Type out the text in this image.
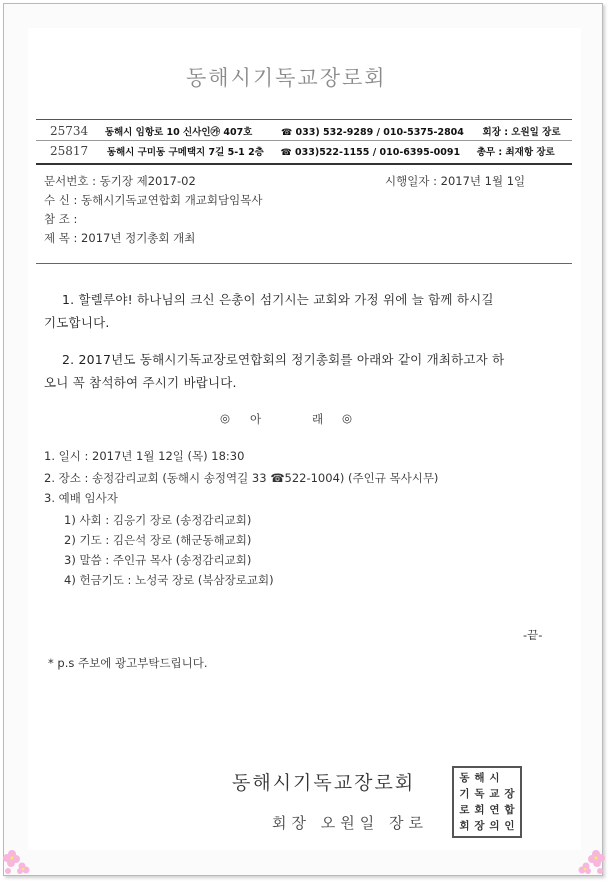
동해시기독교장로회
25734 동해시 임항로 10 신사인㉮ 407호	☎ 033) 532-9289 / 010-5375-2804 회장 : 오원일 장로
25817 동해시 구미동 구메택지 7길 5-1 2층 ☎ 033)522-1155 / 010-6395-0091 총무 : 최재항 장로
문서번호 : 동기장 제2017-02	시행일자 : 2017년 1월 1일
수 신 : 동해시기독교연합회 개교회담임목사
참 조 :
제 목 : 2017년 정기총회 개최
1. 할렐루야! 하나님의 크신 은총이 섬기시는 교회와 가정 위에 늘 함께 하시길
기도합니다.
2. 2017년도 동해시기독교장로연합회의 정기총회를 아래와 같이 개최하고자 하
오니 꼭 참석하여 주시기 바랍니다.
◎ 아	래 ◎
1. 일시 : 2017년 1월 12일 (목) 18:30
2. 장소 : 송정감리교회 (동해시 송정역길 33 ☎522-1004) (주인규 목사시무)
3. 예배 임사자
1) 사회 : 김응기 장로 (송정감리교회)
2) 기도 : 김은석 장로 (해군동해교회)
3) 말씀 : 주인규 목사 (송정감리교회)
4) 헌금기도 : 노성국 장로 (북삼장로교회)
-끝-
* p.s 주보에 광고부탁드립니다.
동해시기독교장로회
회장 오원일 장로
동 해 시
기 독 교 장
로 회 연 합
회 장 의 인
